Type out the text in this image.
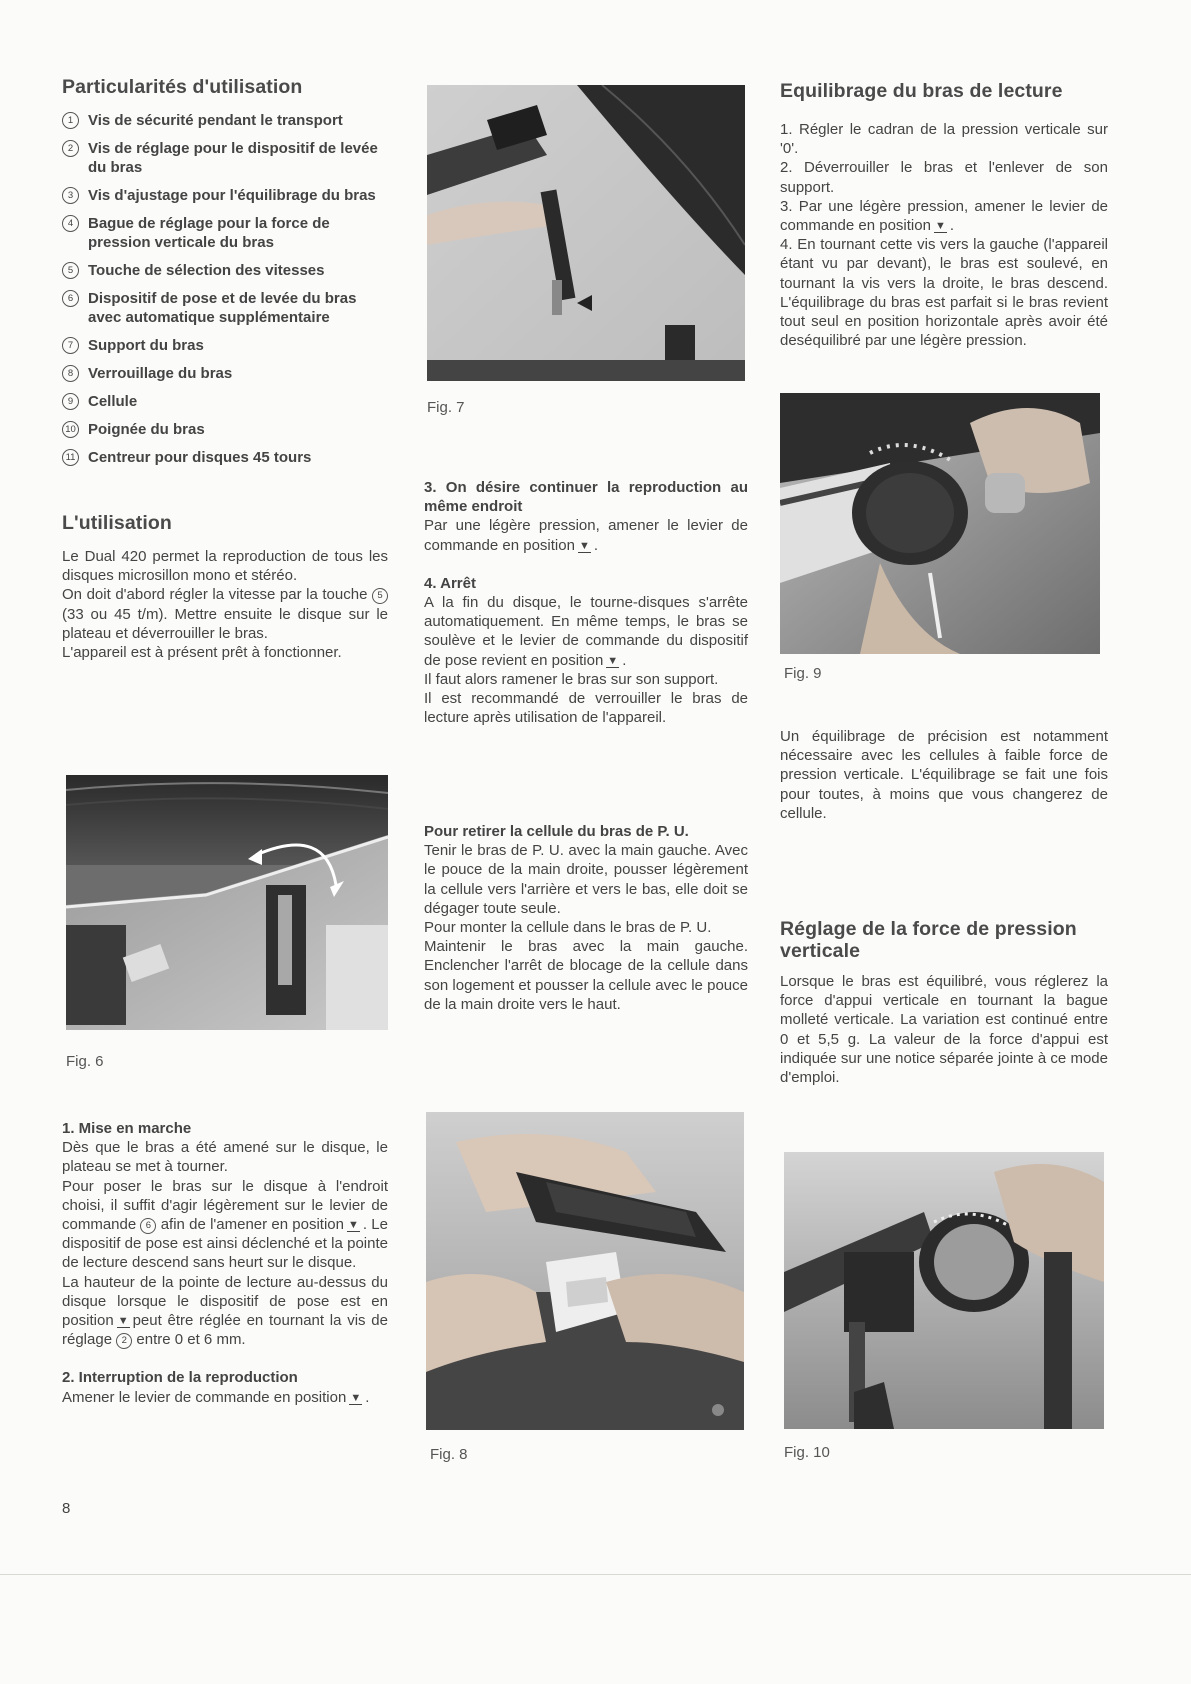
Particularités d'utilisation
1 Vis de sécurité pendant le transport
2 Vis de réglage pour le dispositif de levée du bras
3 Vis d'ajustage pour l'équilibrage du bras
4 Bague de réglage pour la force de pression verticale du bras
5 Touche de sélection des vitesses
6 Dispositif de pose et de levée du bras avec automatique supplémentaire
7 Support du bras
8 Verrouillage du bras
9 Cellule
10 Poignée du bras
11 Centreur pour disques 45 tours
L'utilisation

Le Dual 420 permet la reproduction de tous les disques microsillon mono et stéréo.

On doit d'abord régler la vitesse par la touche 5 (33 ou 45 t/m). Mettre ensuite le disque sur le plateau et déverrouiller le bras.

L'appareil est à présent prêt à fonctionner.

Fig. 6

1. Mise en marche

Dès que le bras a été amené sur le disque, le plateau se met à tourner.

Pour poser le bras sur le disque à l'endroit choisi, il suffit d'agir légèrement sur le levier de commande 6 afin de l'amener en position ▼ . Le dispositif de pose est ainsi déclenché et la pointe de lecture descend sans heurt sur le disque.

La hauteur de la pointe de lecture au-dessus du disque lorsque le dispositif de pose est en position ▼ peut être réglée en tournant la vis de réglage 2 entre 0 et 6 mm.

2. Interruption de la reproduction

Amener le levier de commande en position ▼ .

8
Fig. 7

3. On désire continuer la reproduction au même endroit

Par une légère pression, amener le levier de commande en position ▼ .

4. Arrêt

A la fin du disque, le tourne-disques s'arrête automatiquement. En même temps, le bras se soulève et le levier de commande du dispositif de pose revient en position ▼ .

Il faut alors ramener le bras sur son support.

Il est recommandé de verrouiller le bras de lecture après utilisation de l'appareil.

Pour retirer la cellule du bras de P. U.

Tenir le bras de P. U. avec la main gauche. Avec le pouce de la main droite, pousser légèrement la cellule vers l'arrière et vers le bas, elle doit se dégager toute seule.

Pour monter la cellule dans le bras de P. U.

Maintenir le bras avec la main gauche. Enclencher l'arrêt de blocage de la cellule dans son logement et pousser la cellule avec le pouce de la main droite vers le haut.

Fig. 8
Equilibrage du bras de lecture

1. Régler le cadran de la pression verticale sur '0'.

2. Déverrouiller le bras et l'enlever de son support.

3. Par une légère pression, amener le levier de commande en position ▼ .

4. En tournant cette vis vers la gauche (l'appareil étant vu par devant), le bras est soulevé, en tournant la vis vers la droite, le bras descend. L'équilibrage du bras est parfait si le bras revient tout seul en position horizontale après avoir été deséquilibré par une légère pression.

Fig. 9

Un équilibrage de précision est notamment nécessaire avec les cellules à faible force de pression verticale. L'équilibrage se fait une fois pour toutes, à moins que vous changerez de cellule.

Réglage de la force de pression verticale

Lorsque le bras est équilibré, vous réglerez la force d'appui verticale en tournant la bague molleté verticale. La variation est continué entre 0 et 5,5 g. La valeur de la force d'appui est indiquée sur une notice séparée jointe à ce mode d'emploi.

Fig. 10
